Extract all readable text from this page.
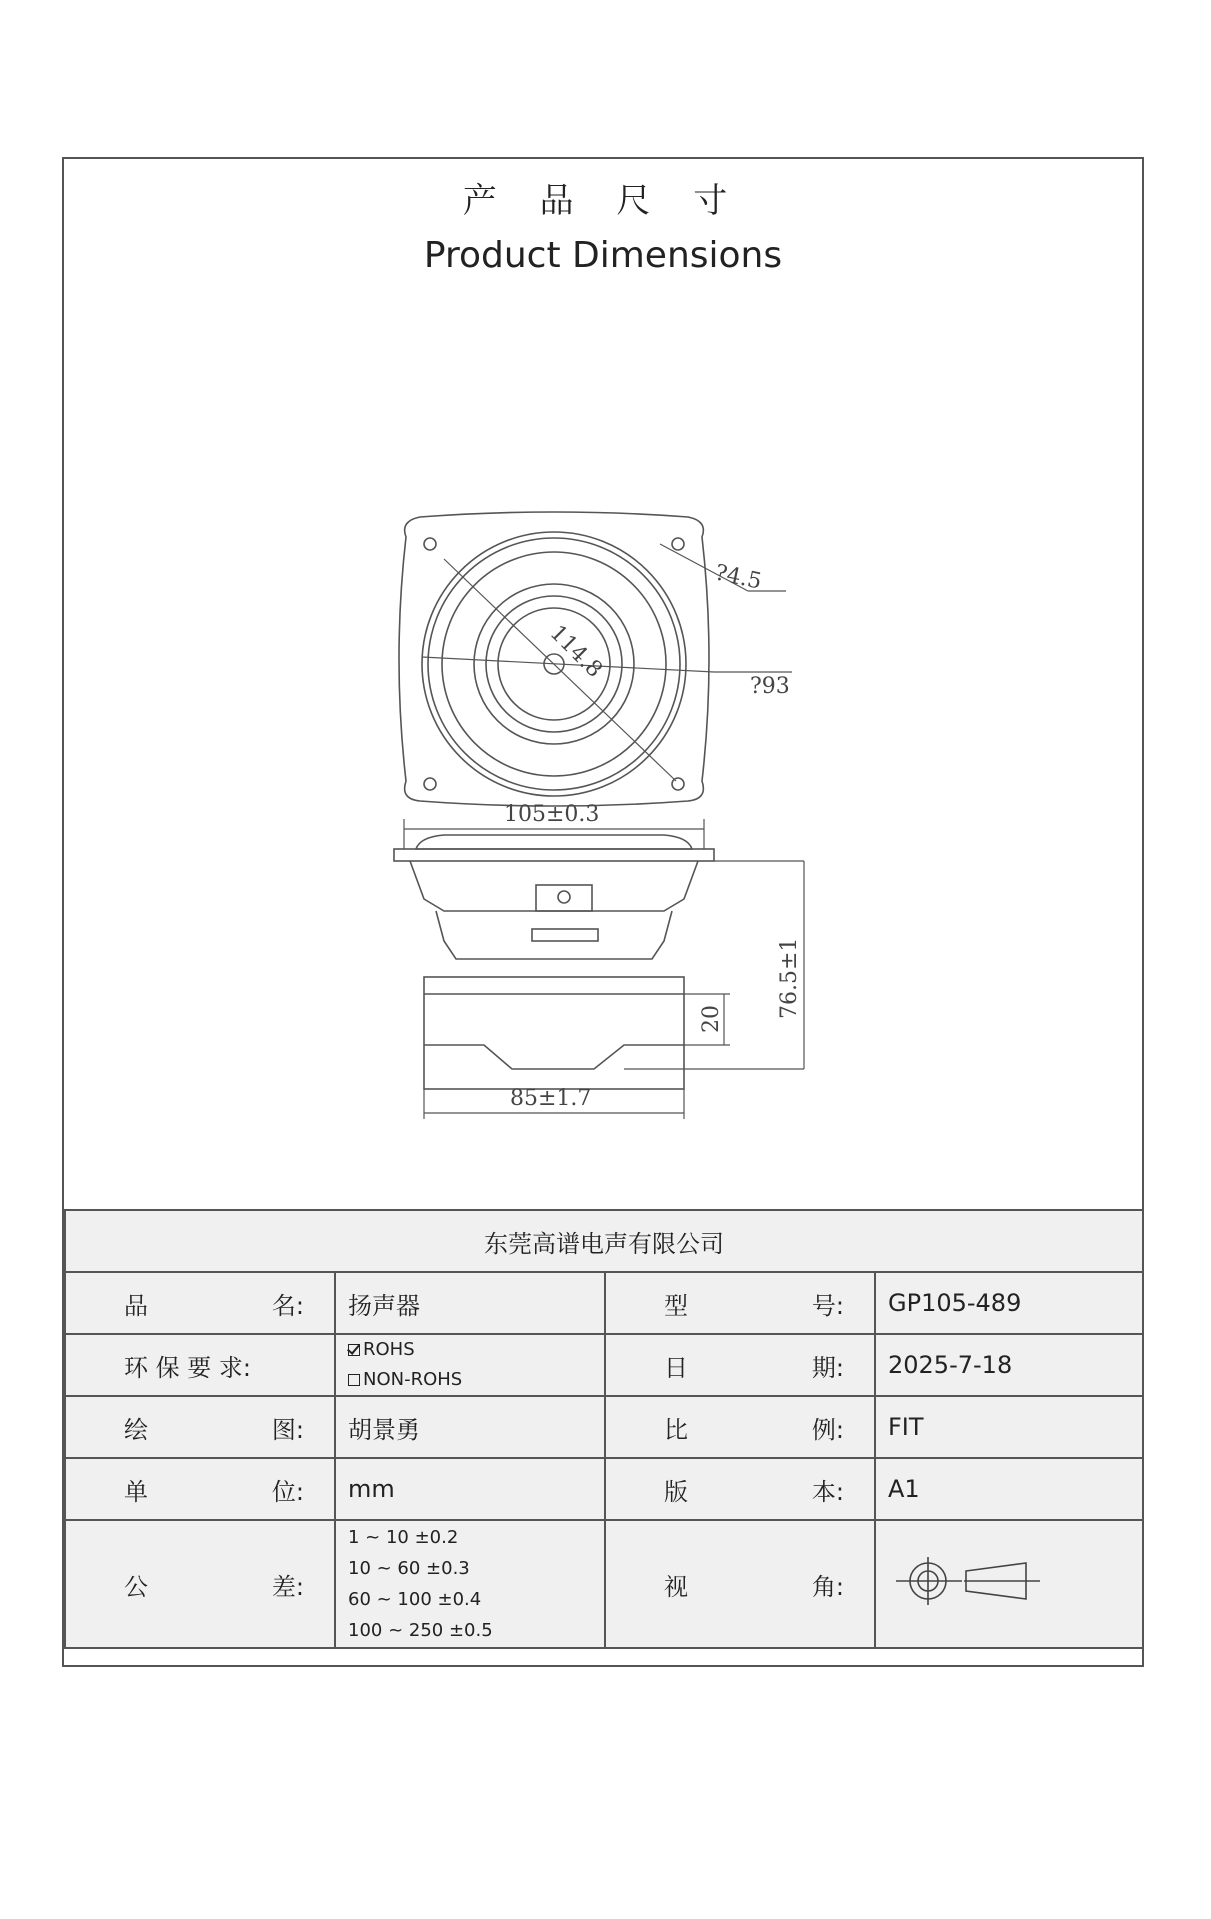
产 品 尺 寸
Product Dimensions
?4.5
114.8
?93
105±0.3
76.5±1
20
85±1.7
东莞高谱电声有限公司			

品 名:	扬声器	型 号:	GP105-489

环 保 要 求:	ROHS
NON-ROHS	日 期:	2025-7-18

绘 图:	胡景勇	比 例:	FIT

单 位:	mm	版 本:	A1

公 差:	1 ~ 10 ±0.2
10 ~ 60 ±0.3
60 ~ 100 ±0.4
100 ~ 250 ±0.5	视 角:
